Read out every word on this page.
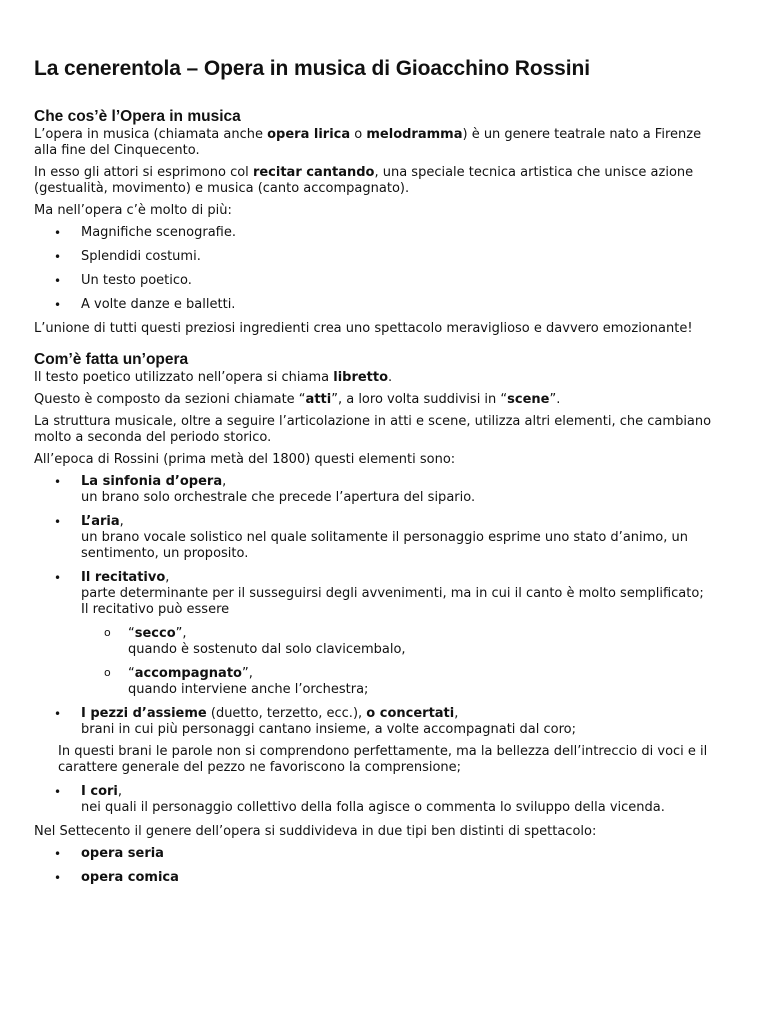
La cenerentola – Opera in musica di Gioacchino Rossini
Che cos’è l’Opera in musica
L’opera in musica (chiamata anche opera lirica o melodramma) è un genere teatrale nato a Firenze alla fine del Cinquecento.
In esso gli attori si esprimono col recitar cantando, una speciale tecnica artistica che unisce azione (gestualità, movimento) e musica (canto accompagnato).
Ma nell’opera c’è molto di più:
• Magnifiche scenografie.
• Splendidi costumi.
• Un testo poetico.
• A volte danze e balletti.
L’unione di tutti questi preziosi ingredienti crea uno spettacolo meraviglioso e davvero emozionante!
Com’è fatta un’opera
Il testo poetico utilizzato nell’opera si chiama libretto.
Questo è composto da sezioni chiamate “atti”, a loro volta suddivisi in “scene”.
La struttura musicale, oltre a seguire l’articolazione in atti e scene, utilizza altri elementi, che cambiano molto a seconda del periodo storico.
All’epoca di Rossini (prima metà del 1800) questi elementi sono:
• La sinfonia d’opera,
un brano solo orchestrale che precede l’apertura del sipario.
• L’aria,
un brano vocale solistico nel quale solitamente il personaggio esprime uno stato d’animo, un sentimento, un proposito.
• Il recitativo,
parte determinante per il susseguirsi degli avvenimenti, ma in cui il canto è molto semplificato;
Il recitativo può essere
o “secco”,
quando è sostenuto dal solo clavicembalo,
o “accompagnato”,
quando interviene anche l’orchestra;
• I pezzi d’assieme (duetto, terzetto, ecc.), o concertati,
brani in cui più personaggi cantano insieme, a volte accompagnati dal coro;
In questi brani le parole non si comprendono perfettamente, ma la bellezza dell’intreccio di voci e il carattere generale del pezzo ne favoriscono la comprensione;
• I cori,
nei quali il personaggio collettivo della folla agisce o commenta lo sviluppo della vicenda.
Nel Settecento il genere dell’opera si suddivideva in due tipi ben distinti di spettacolo:
• opera seria
• opera comica
